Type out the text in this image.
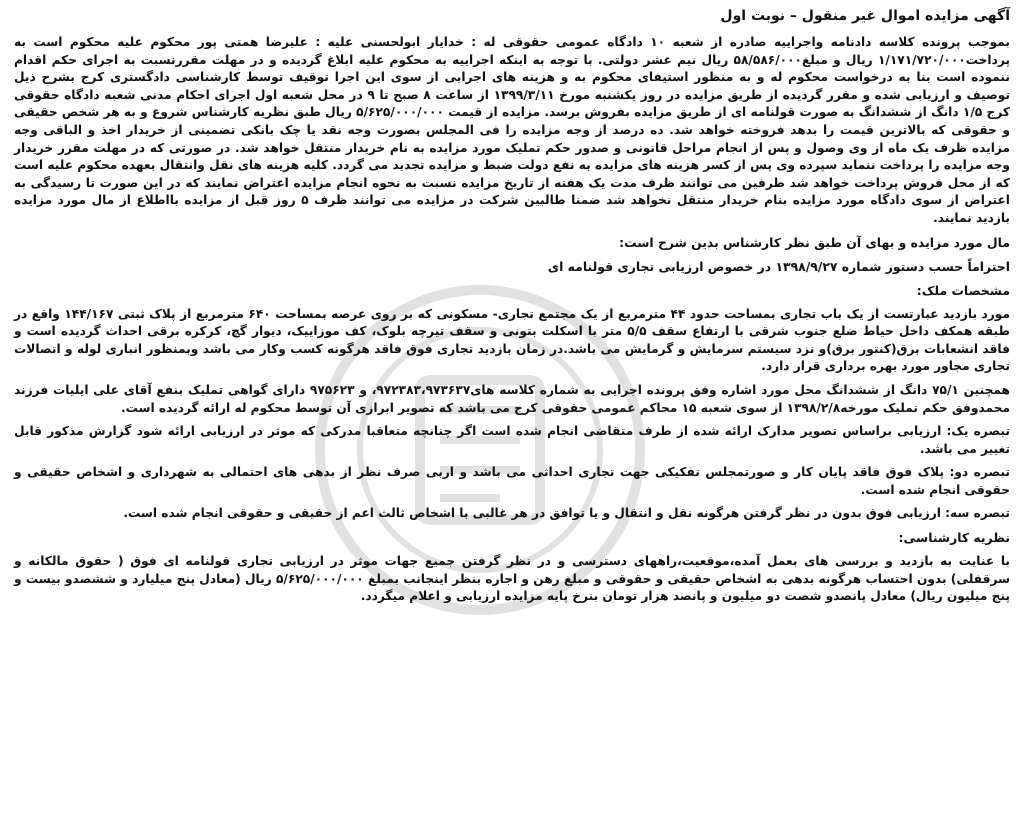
آگهی مزایده اموال غیر منقول – نوبت اول

بموجب پرونده کلاسه دادنامه واجراییه صادره از شعبه ۱۰ دادگاه عمومی حقوقی له : خدایار ابولحسنی علیه : علیرضا همتی پور محکوم علیه محکوم است به پرداخت۱/۱۷۱/۷۲۰/۰۰۰ ریال و مبلغ۵۸/۵۸۶/۰۰۰ ریال نیم عشر دولتی. با توجه به اینکه اجراییه به محکوم علیه ابلاغ گردیده و در مهلت مقررنسبت به اجرای حکم اقدام ننموده است بنا به درخواست محکوم له و به منظور استیفای محکوم به و هزینه های اجرایی از سوی این اجرا توقیف توسط کارشناسی دادگستری کرج بشرح ذیل توصیف و ارزیابی شده و مقرر گردیده از طریق مزایده در روز یکشنبه مورخ ۱۳۹۹/۳/۱۱ از ساعت ۸ صبح تا ۹ در محل شعبه اول اجرای احکام مدنی شعبه دادگاه حقوقی کرج ۱/۵ دانگ از ششدانگ به صورت قولنامه ای از طریق مزایده بفروش برسد. مزایده از قیمت ۵/۶۲۵/۰۰۰/۰۰۰ ریال طبق نظریه کارشناس شروع و به هر شخص حقیقی و حقوقی که بالاترین قیمت را بدهد فروخته خواهد شد. ده درصد از وجه مزایده را فی المجلس بصورت وجه نقد یا چک بانکی تضمینی از خریدار اخذ و الباقی وجه مزایده ظرف یک ماه از وی وصول و پس از انجام مراحل قانونی و صدور حکم تملیک مورد مزایده به نام خریدار منتقل خواهد شد. در صورتی که در مهلت مقرر خریدار وجه مزایده را پرداخت ننماید سپرده وی پس از کسر هزینه های مزایده به نفع دولت ضبط و مزایده تجدید می گردد. کلیه هزینه های نقل وانتقال بعهده محکوم علیه است که از محل فروش پرداخت خواهد شد طرفین می توانند ظرف مدت یک هفته از تاریخ مزایده نسبت به نحوه انجام مزایده اعتراض نمایند که در این صورت تا رسیدگی به اعتراض از سوی دادگاه مورد مزایده بنام خریدار منتقل نخواهد شد ضمنا طالبین شرکت در مزایده می توانند ظرف ۵ روز قبل از مزایده بااطلاع از مال مورد مزایده بازدید نمایند.

مال مورد مزایده و بهای آن طبق نظر کارشناس بدین شرح است:
احتراماً حسب دستور شماره ۱۳۹۸/۹/۲۷ در خصوص ارزیابی تجاری قولنامه ای
مشخصات ملک:

مورد بازدید عبارتست از یک باب تجاری بمساحت حدود ۴۴ مترمربع از یک مجتمع تجاری- مسکونی که بر روی عرصه بمساحت ۶۴۰ مترمربع از پلاک ثبتی ۱۴۴/۱۶۷ واقع در طبقه همکف داخل حیاط ضلع جنوب شرقی با ارتفاع سقف ۵/۵ متر با اسکلت بتونی و سقف تیرچه بلوک، کف موزاییک، دیوار گچ، کرکره برقی احداث گردیده است و فاقد انشعابات برق(کنتور برق)و نزد سیستم سرمایش و گرمایش می باشد.در زمان بازدید تجاری فوق فاقد هرگونه کسب وکار می باشد وبمنظور انباری لوله و اتصالات تجاری مجاور مورد بهره برداری قرار دارد.

همچنین ۷۵/۱ دانگ از ششدانگ محل مورد اشاره وفق پرونده اجرایی به شماره کلاسه های۹۷۲۳۸۳،۹۷۳۶۳۷، و ۹۷۵۶۲۳ دارای گواهی تملیک بنفع آقای علی ایلیات فرزند محمدوفق حکم تملیک مورخه۱۳۹۸/۲/۸ از سوی شعبه ۱۵ محاکم عمومی حقوقی کرج می باشد که تصویر ابرازی آن توسط محکوم له ارائه گردیده است.

تبصره یک: ارزیابی براساس تصویر مدارک ارائه شده از طرف متقاضی انجام شده است اگر چنانچه متعاقبا مدرکی که موثر در ارزیابی ارائه شود گزارش مذکور قابل تغییر می باشد.

تبصره دو: پلاک فوق فاقد پایان کار و صورتمجلس تفکیکی جهت تجاری احداثی می باشد و اربی صرف نظر از بدهی های احتمالی به شهرداری و اشخاص حقیقی و حقوقی انجام شده است.

تبصره سه: ارزیابی فوق بدون در نظر گرفتن هرگونه نقل و انتقال و یا توافق در هر غالبی با اشخاص ثالث اعم از حقیقی و حقوقی انجام شده است.

نظریه کارشناسی:

با عنایت به بازدید و بررسی های بعمل آمده،موقعیت،راههای دسترسی و در نظر گرفتن جمیع جهات موثر در ارزیابی تجاری قولنامه ای فوق ( حقوق مالکانه و سرقفلی) بدون احتساب هرگونه بدهی به اشخاص حقیقی و حقوقی و مبلغ رهن و اجاره بنظر اینجانب بمبلغ ۵/۶۲۵/۰۰۰/۰۰۰ ریال (معادل پنج میلیارد و ششصدو بیست و پنج میلیون ریال) معادل پانصدو شصت دو میلیون و پانصد هزار تومان بنرخ پایه مزایده ارزیابی و اعلام میگردد.
